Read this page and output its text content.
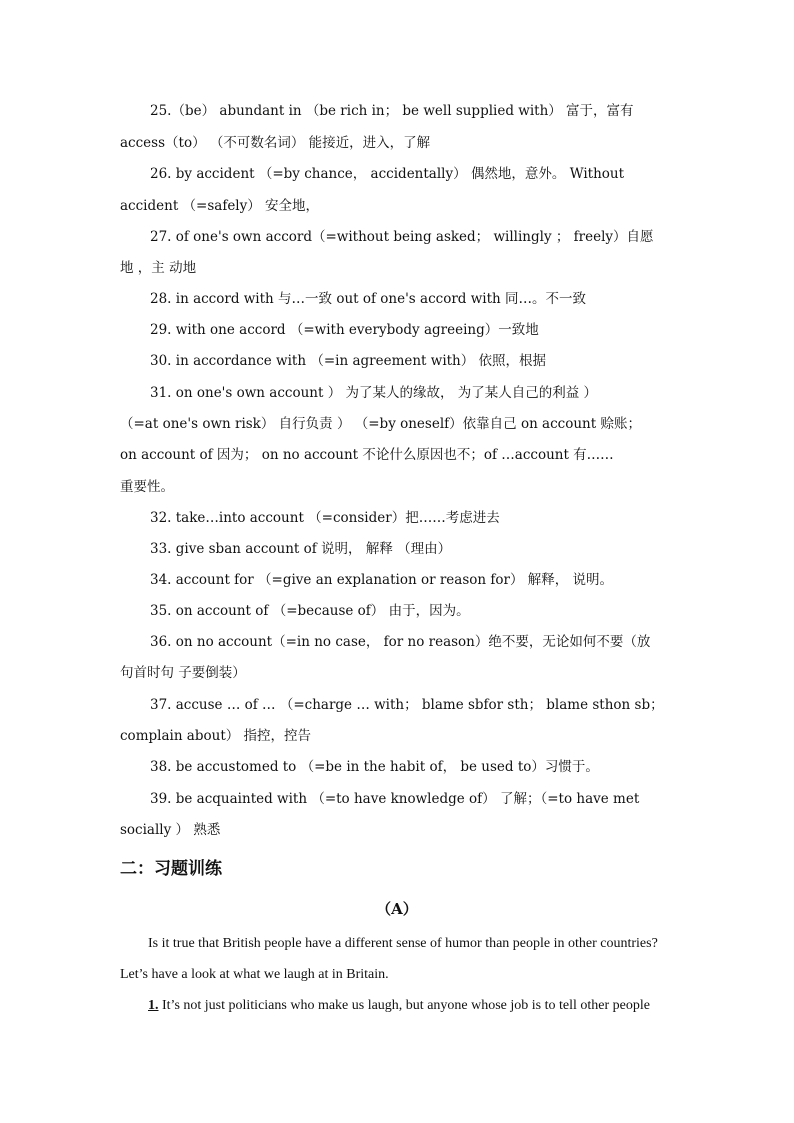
25.（be） abundant in （be rich in； be well supplied with） 富于，富有
access（to） （不可数名词） 能接近，进入，了解
26. by accident （=by chance， accidentally） 偶然地，意外。 Without
accident （=safely） 安全地，
27. of one's own accord（=without being asked； willingly ； freely）自愿
地 ，主 动地
28. in accord with 与…一致 out of one's accord with 同…。不一致
29. with one accord （=with everybody agreeing）一致地
30. in accordance with （=in agreement with） 依照，根据
31. on one's own account ） 为了某人的缘故， 为了某人自己的利益 ）
（=at one's own risk） 自行负责 ） （=by oneself）依靠自己 on account 赊账；
on account of 因为； on no account 不论什么原因也不；of …account 有……
重要性。
32. take…into account （=consider）把……考虑进去
33. give sban account of 说明， 解释 （理由）
34. account for （=give an explanation or reason for） 解释， 说明。
35. on account of （=because of） 由于，因为。
36. on no account（=in no case， for no reason）绝不要，无论如何不要（放
句首时句 子要倒装）
37. accuse … of … （=charge … with； blame sbfor sth； blame sthon sb；
complain about） 指控，控告
38. be accustomed to （=be in the habit of， be used to）习惯于。
39. be acquainted with （=to have knowledge of） 了解；（=to have met
socially ） 熟悉
二：习题训练
（A）
Is it true that British people have a different sense of humor than people in other countries?
Let’s have a look at what we laugh at in Britain.
1. It’s not just politicians who make us laugh, but anyone whose job is to tell other people
